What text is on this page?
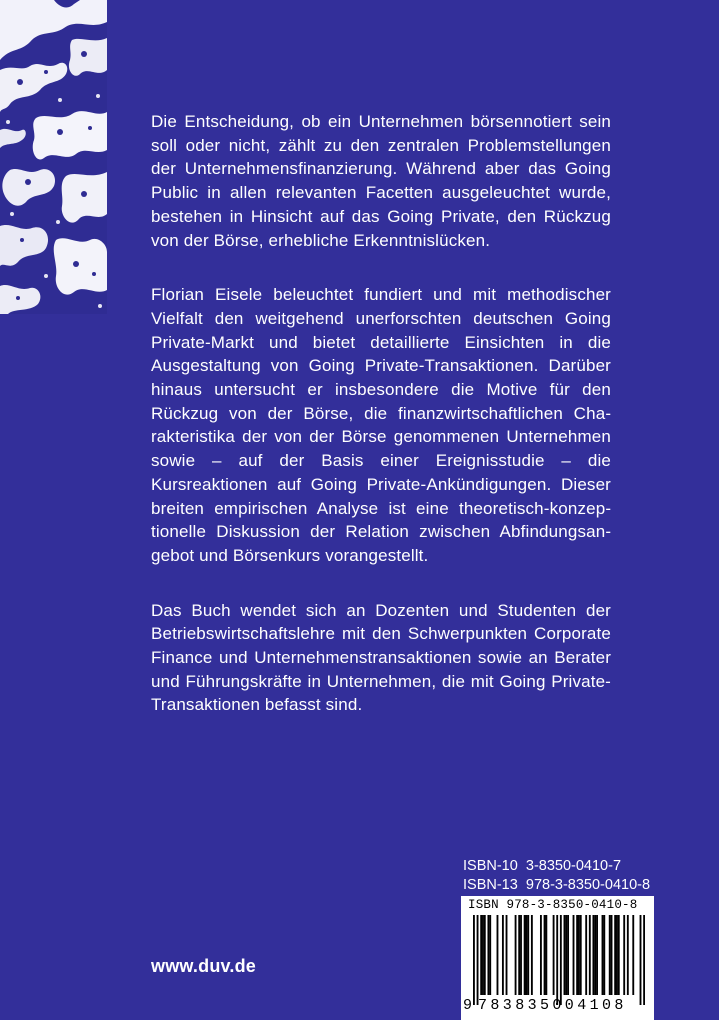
Die Entscheidung, ob ein Unternehmen börsennotiert sein soll oder nicht, zählt zu den zentralen Problemstellungen der Unternehmensfinanzierung. Während aber das Going Public in allen relevanten Facetten ausgeleuchtet wurde, bestehen in Hinsicht auf das Going Private, den Rückzug von der Börse, erhebliche Erkenntnislücken.

Florian Eisele beleuchtet fundiert und mit methodischer Vielfalt den weitgehend unerforschten deutschen Going Private-Markt und bietet detaillierte Einsichten in die Ausgestaltung von Going Private-Transaktionen. Darüber hinaus untersucht er insbesondere die Motive für den Rückzug von der Börse, die finanzwirtschaftlichen Charakteristika der von der Börse genommenen Unternehmen sowie – auf der Basis einer Ereignisstudie – die Kursreaktionen auf Going Private-Ankündigungen. Dieser breiten empirischen Analyse ist eine theoretisch-konzeptionelle Diskussion der Relation zwischen Abfindungsangebot und Börsenkurs vorangestellt.

Das Buch wendet sich an Dozenten und Studenten der Betriebswirtschaftslehre mit den Schwerpunkten Corporate Finance und Unternehmenstransaktionen sowie an Berater und Führungskräfte in Unternehmen, die mit Going Private-Transaktionen befasst sind.

ISBN-10 3-8350-0410-7
ISBN-13 978-3-8350-0410-8
ISBN 978-3-8350-0410-8
9 783835004108
www.duv.de
